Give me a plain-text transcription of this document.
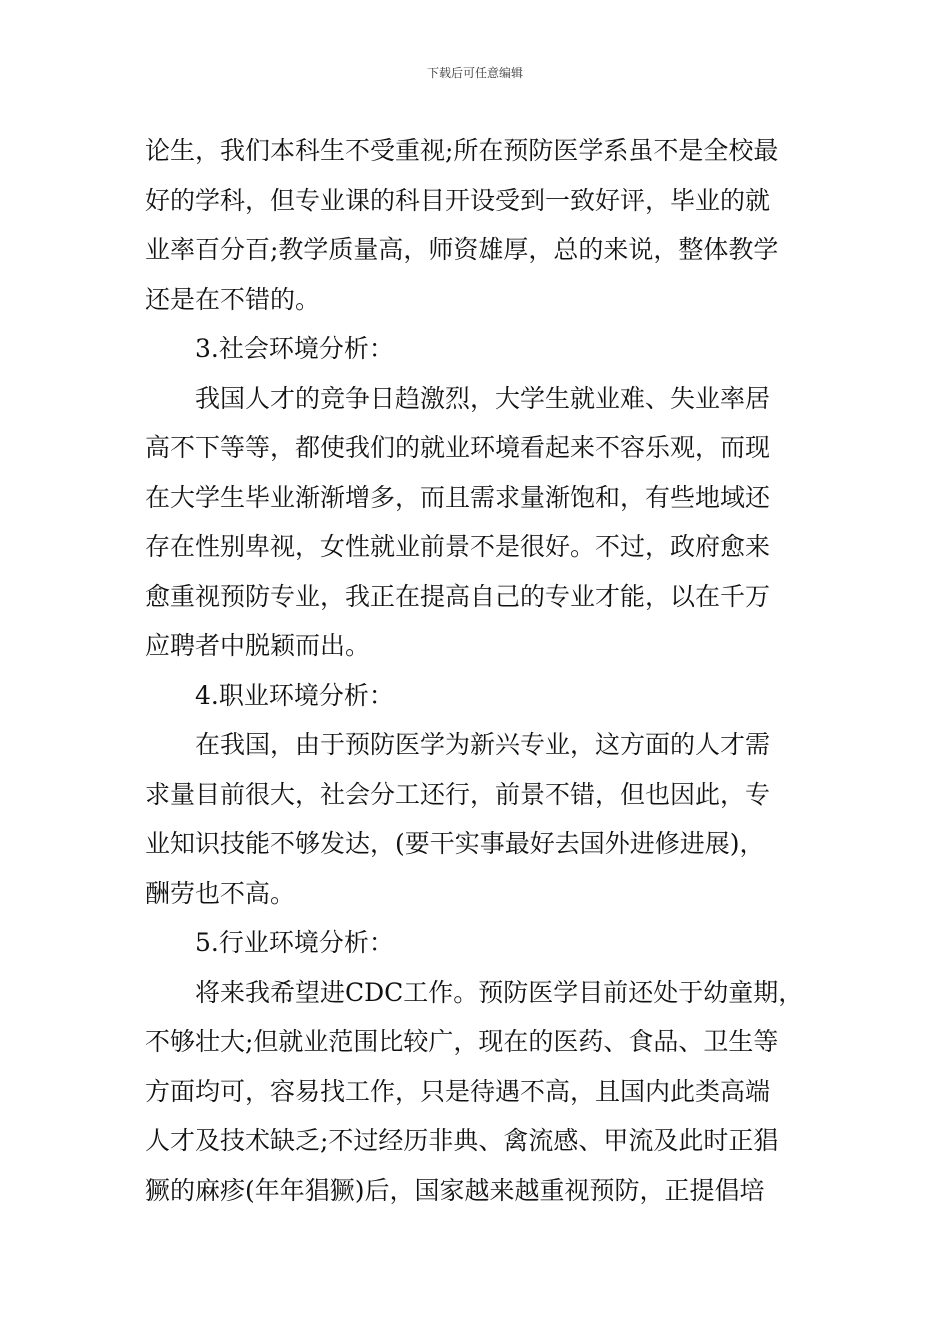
下载后可任意编辑
论生，我们本科生不受重视;所在预防医学系虽不是全校最
好的学科，但专业课的科目开设受到一致好评，毕业的就
业率百分百;教学质量高，师资雄厚，总的来说，整体教学
还是在不错的。
3.社会环境分析：
我国人才的竞争日趋激烈，大学生就业难、失业率居
高不下等等，都使我们的就业环境看起来不容乐观，而现
在大学生毕业渐渐增多，而且需求量渐饱和，有些地域还
存在性别卑视，女性就业前景不是很好。不过，政府愈来
愈重视预防专业，我正在提高自己的专业才能，以在千万
应聘者中脱颖而出。
4.职业环境分析：
在我国，由于预防医学为新兴专业，这方面的人才需
求量目前很大，社会分工还行，前景不错，但也因此，专
业知识技能不够发达，(要干实事最好去国外进修进展)，
酬劳也不高。
5.行业环境分析：
将来我希望进CDC工作。预防医学目前还处于幼童期，
不够壮大;但就业范围比较广，现在的医药、食品、卫生等
方面均可，容易找工作，只是待遇不高，且国内此类高端
人才及技术缺乏;不过经历非典、禽流感、甲流及此时正猖
獗的麻疹(年年猖獗)后，国家越来越重视预防，正提倡培
